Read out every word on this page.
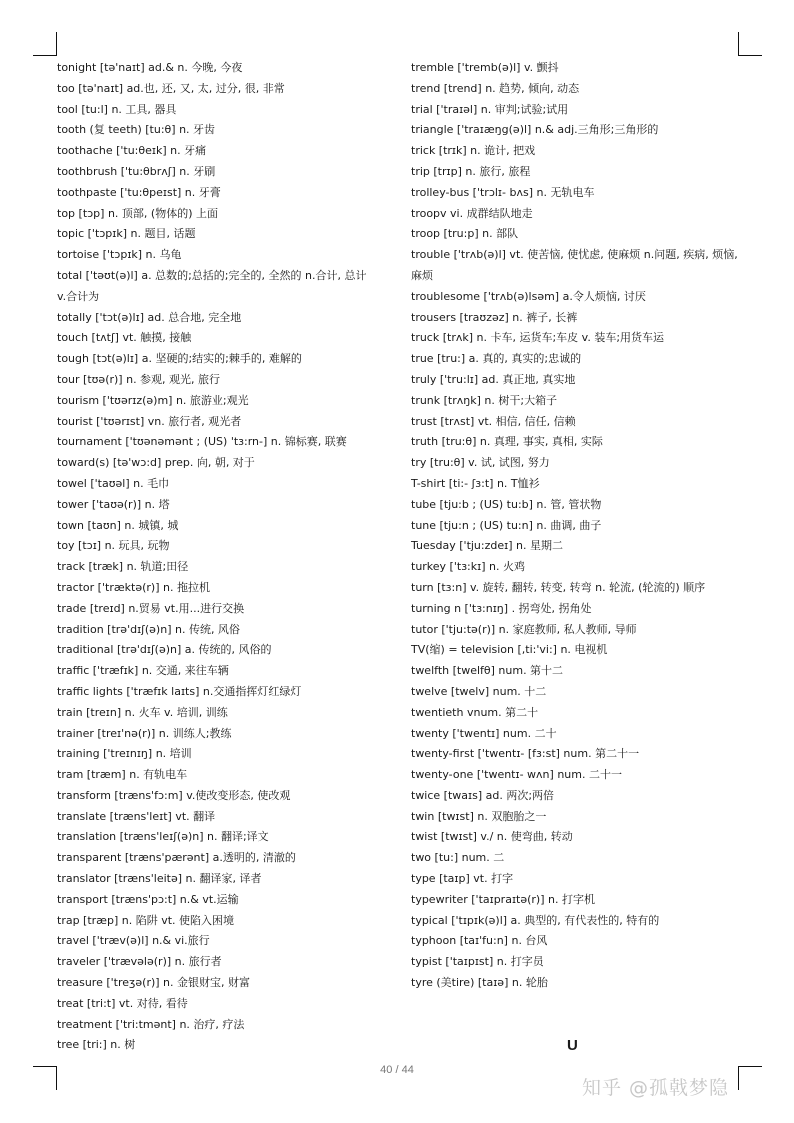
tonight [tə'naɪt] ad.& n. 今晚, 今夜

too [tə'naɪt] ad.也, 还, 又, 太, 过分, 很, 非常

tool [tu:l] n. 工具, 器具

tooth (复 teeth) [tu:θ] n. 牙齿

toothache ['tu:θeɪk] n. 牙痛

toothbrush ['tu:θbrʌʃ] n. 牙刷

toothpaste ['tu:θpeɪst] n. 牙膏

top [tɔp] n. 顶部, (物体的) 上面

topic ['tɔpɪk] n. 题目, 话题

tortoise ['tɔpɪk] n. 乌龟

total ['təʊt(ə)l] a. 总数的;总括的;完全的, 全然的 n.合计, 总计 v.合计为

totally ['tɔt(ə)lɪ] ad. 总合地, 完全地

touch [tʌtʃ] vt. 触摸, 接触

tough [tɔt(ə)lɪ] a. 坚硬的;结实的;棘手的, 难解的

tour [tʊə(r)] n. 参观, 观光, 旅行

tourism ['tʊərɪz(ə)m] n. 旅游业;观光

tourist ['tʊərɪst] vn. 旅行者, 观光者

tournament ['tʊənəmənt ; (US) 'tɜ:rn-] n. 锦标赛, 联赛

toward(s) [tə'wɔ:d] prep. 向, 朝, 对于

towel ['taʊəl] n. 毛巾

tower ['taʊə(r)] n. 塔

town [taʊn] n. 城镇, 城

toy [tɔɪ] n. 玩具, 玩物

track [træk] n. 轨道;田径

tractor ['træktə(r)] n. 拖拉机

trade [treɪd] n.贸易 vt.用...进行交换

tradition [trə'dɪʃ(ə)n] n. 传统, 风俗

traditional [trə'dɪʃ(ə)n] a. 传统的, 风俗的

traffic ['træfɪk] n. 交通, 来往车辆

traffic lights ['træfɪk laɪts] n.交通指挥灯红绿灯

train [treɪn] n. 火车 v. 培训, 训练

trainer [treɪ'nə(r)] n. 训练人;教练

training ['treɪnɪŋ] n. 培训

tram [træm] n. 有轨电车

transform [træns'fɔ:m] v.使改变形态, 使改观

translate [træns'leɪt] vt. 翻译

translation [træns'leɪʃ(ə)n] n. 翻译;译文

transparent [træns'pærənt] a.透明的, 清澈的

translator [træns'leitə] n. 翻译家, 译者

transport [træns'pɔ:t] n.& vt.运输

trap [træp] n. 陷阱 vt. 使陷入困境

travel ['træv(ə)l] n.& vi.旅行

traveler ['trævələ(r)] n. 旅行者

treasure ['treʒə(r)] n. 金银财宝, 财富

treat [tri:t] vt. 对待, 看待

treatment ['tri:tmənt] n. 治疗, 疗法

tree [tri:] n. 树

tremble ['tremb(ə)l] v. 颤抖

trend [trend] n. 趋势, 倾向, 动态

trial ['traɪəl] n. 审判;试验;试用

triangle ['traɪæŋg(ə)l] n.& adj.三角形;三角形的

trick [trɪk] n. 诡计, 把戏

trip [trɪp] n. 旅行, 旅程

trolley-bus ['trɔlɪ- bʌs] n. 无轨电车

troopv vi. 成群结队地走

troop [tru:p] n. 部队

trouble ['trʌb(ə)l] vt. 使苦恼, 使忧虑, 使麻烦 n.问题, 疾病, 烦恼, 麻烦

troublesome ['trʌb(ə)lsəm] a.令人烦恼, 讨厌

trousers [traʊzəz] n. 裤子, 长裤

truck [trʌk] n. 卡车, 运货车;车皮 v. 装车;用货车运

true [tru:] a. 真的, 真实的;忠诚的

truly ['tru:lɪ] ad. 真正地, 真实地

trunk [trʌŋk] n. 树干;大箱子

trust [trʌst] vt. 相信, 信任, 信赖

truth [tru:θ] n. 真理, 事实, 真相, 实际

try [tru:θ] v. 试, 试图, 努力

T-shirt [ti:- ʃɜ:t] n. T恤衫

tube [tju:b ; (US) tu:b] n. 管, 管状物

tune [tju:n ; (US) tu:n] n. 曲调, 曲子

Tuesday ['tju:zdeɪ] n. 星期二

turkey ['tɜ:kɪ] n. 火鸡

turn [tɜ:n] v. 旋转, 翻转, 转变, 转弯 n. 轮流, (轮流的) 顺序

turning n ['tɜ:nɪŋ] . 拐弯处, 拐角处

tutor ['tju:tə(r)] n. 家庭教师, 私人教师, 导师

TV(缩) = television [,ti:'vi:] n. 电视机

twelfth [twelfθ] num. 第十二

twelve [twelv] num. 十二

twentieth vnum. 第二十

twenty ['twentɪ] num. 二十

twenty-first ['twentɪ- [fɜ:st] num. 第二十一

twenty-one ['twentɪ- wʌn] num. 二十一

twice [twaɪs] ad. 两次;两倍

twin [twɪst] n. 双胞胎之一

twist [twɪst] v./ n. 使弯曲, 转动

two [tu:] num. 二

type [taɪp] vt. 打字

typewriter ['taɪpraɪtə(r)] n. 打字机

typical ['tɪpɪk(ə)l] a. 典型的, 有代表性的, 特有的

typhoon [taɪ'fu:n] n. 台风

typist ['taɪpɪst] n. 打字员

tyre (美tire) [taɪə] n. 轮胎

U
40 / 44
知乎 @孤戟梦隐
